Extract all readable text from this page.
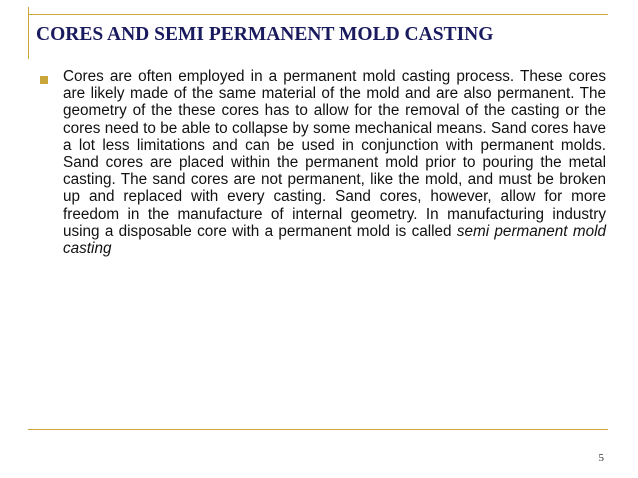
CORES AND SEMI PERMANENT MOLD CASTING

Cores are often employed in a permanent mold casting process. These cores are likely made of the same material of the mold and are also permanent. The geometry of the these cores has to allow for the removal of the casting or the cores need to be able to collapse by some mechanical means. Sand cores have a lot less limitations and can be used in conjunction with permanent molds. Sand cores are placed within the permanent mold prior to pouring the metal casting. The sand cores are not permanent, like the mold, and must be broken up and replaced with every casting. Sand cores, however, allow for more freedom in the manufacture of internal geometry. In manufacturing industry using a disposable core with a permanent mold is called semi permanent mold casting

5
